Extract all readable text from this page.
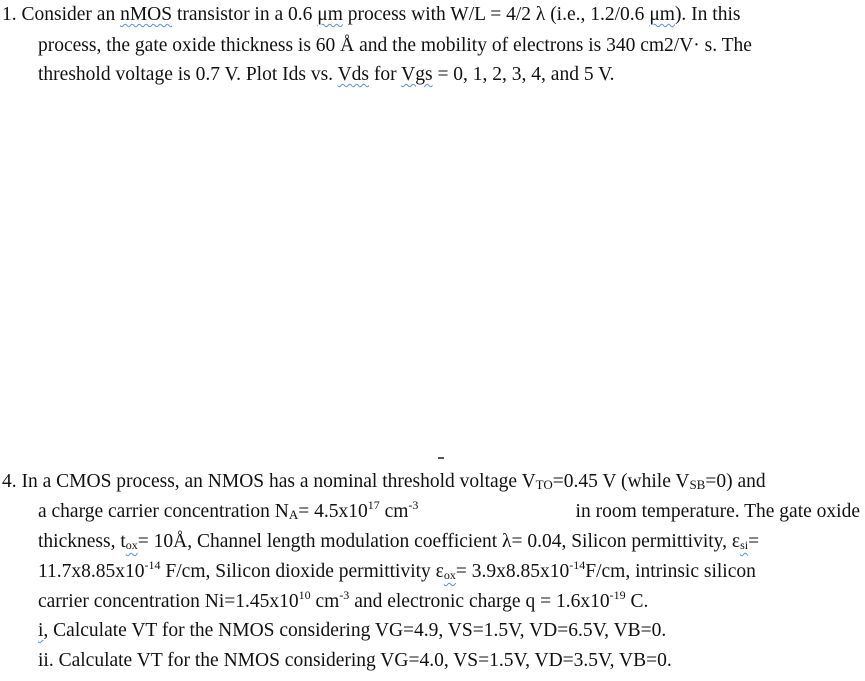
1. Consider an nMOS transistor in a 0.6 μm process with W/L = 4/2 λ (i.e., 1.2/0.6 μm). In this
process, the gate oxide thickness is 60 Å and the mobility of electrons is 340 cm2/V· s. The
threshold voltage is 0.7 V. Plot Ids vs. Vds for Vgs = 0, 1, 2, 3, 4, and 5 V.
4. In a CMOS process, an NMOS has a nominal threshold voltage $V_{TO}=0.45$ V (while $V_{SB}=0$) and
a charge carrier concentration $N_A= 4.5x10^{17}$ $cm^{-3}$	in room temperature. The gate oxide
thickness, $t_{ox}=$ 10Å, Channel length modulation coefficient λ= 0.04, Silicon permittivity, $\varepsilon_{si}=$
$11.7x8.85x10^{-14}$ F/cm, Silicon dioxide permittivity $\varepsilon_{ox}= 3.9x8.85x10^{-14}F/cm$, intrinsic silicon
carrier concentration $Ni=1.45x10^{10}$ $cm^{-3}$ and electronic charge $q = 1.6x10^{-19}$ C.
i, Calculate VT for the NMOS considering VG=4.9, VS=1.5V, VD=6.5V, VB=0.
ii. Calculate VT for the NMOS considering VG=4.0, VS=1.5V, VD=3.5V, VB=0.
